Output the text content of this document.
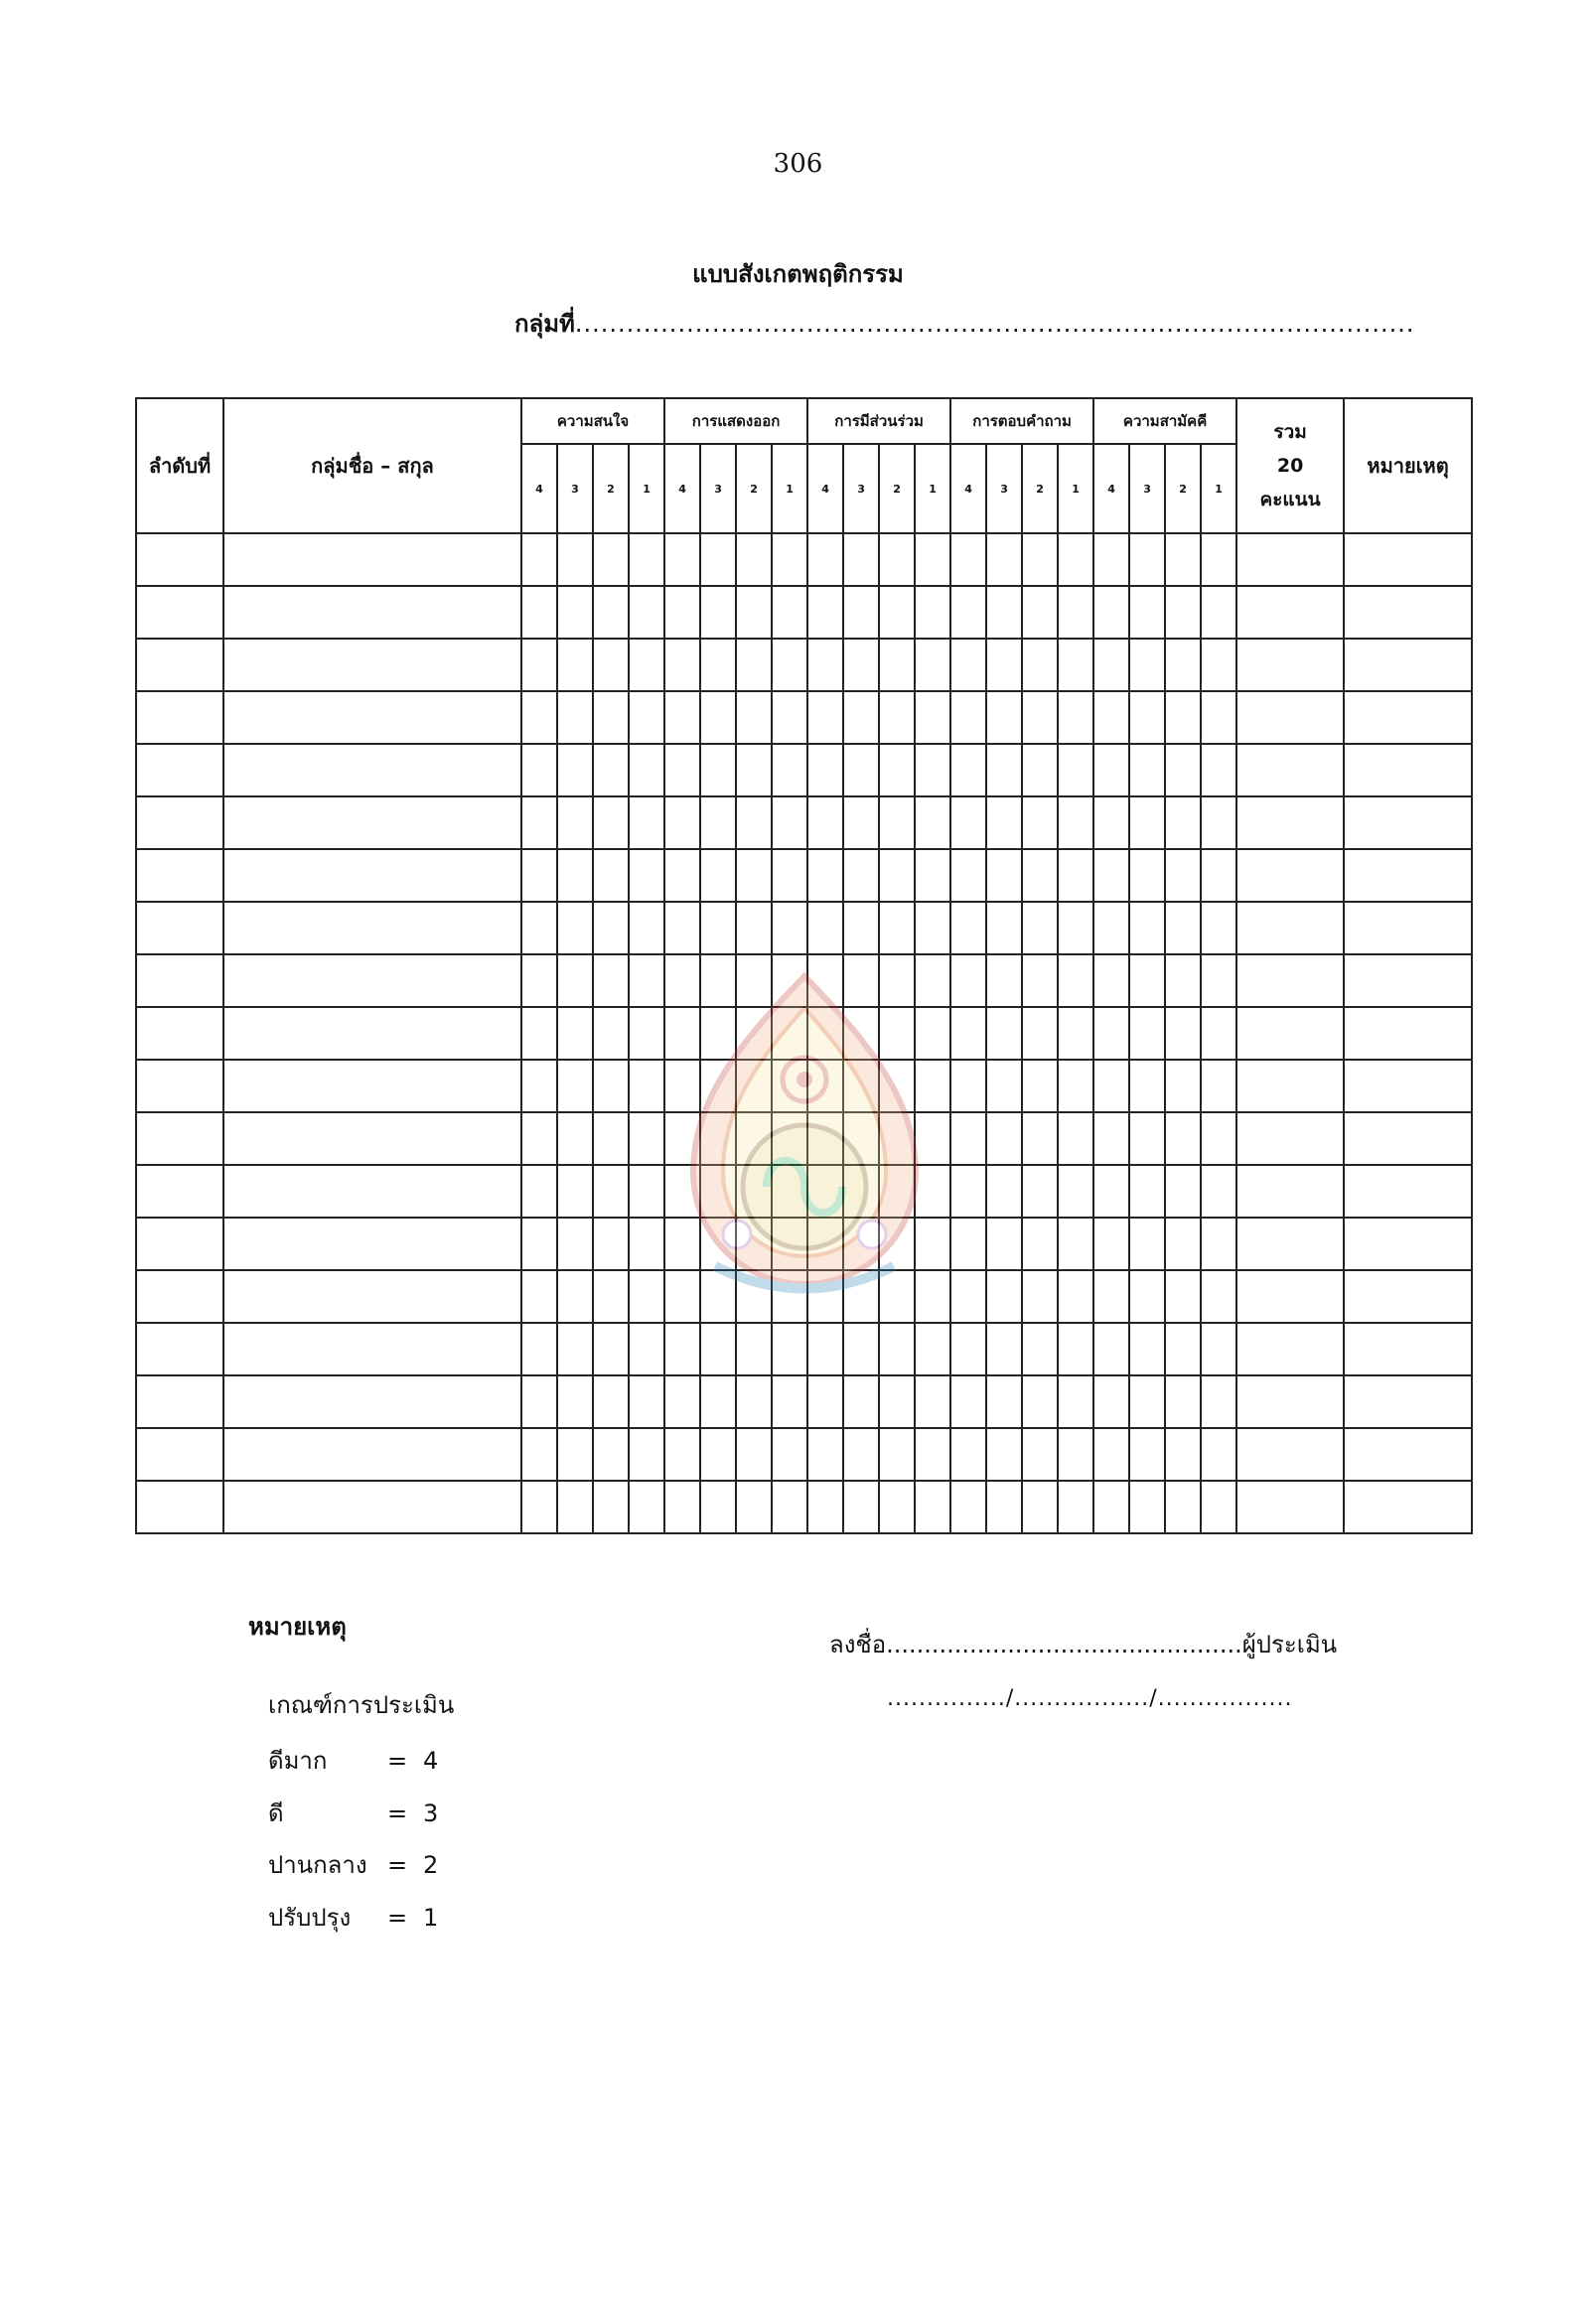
306
แบบสังเกตพฤติกรรม
กลุ่มที่..................................................................................................
ลำดับที่	กลุ่มชื่อ – สกุล	ความสนใจ				การแสดงออก				การมีส่วนร่วม				การตอบคำถาม				ความสามัคคี				รวม
20
คะแนน	หมายเหตุ
		4	3	2	1	4	3	2	1	4	3	2	1	4	3	2	1	4	3	2	1		

หมายเหตุ
เกณฑ์การประเมิน
ดีมาก	= 4
ดี	= 3
ปานกลาง = 2
ปรับปรุง = 1
ลงชื่อ...............................................ผู้ประเมิน
.............../................./.................
